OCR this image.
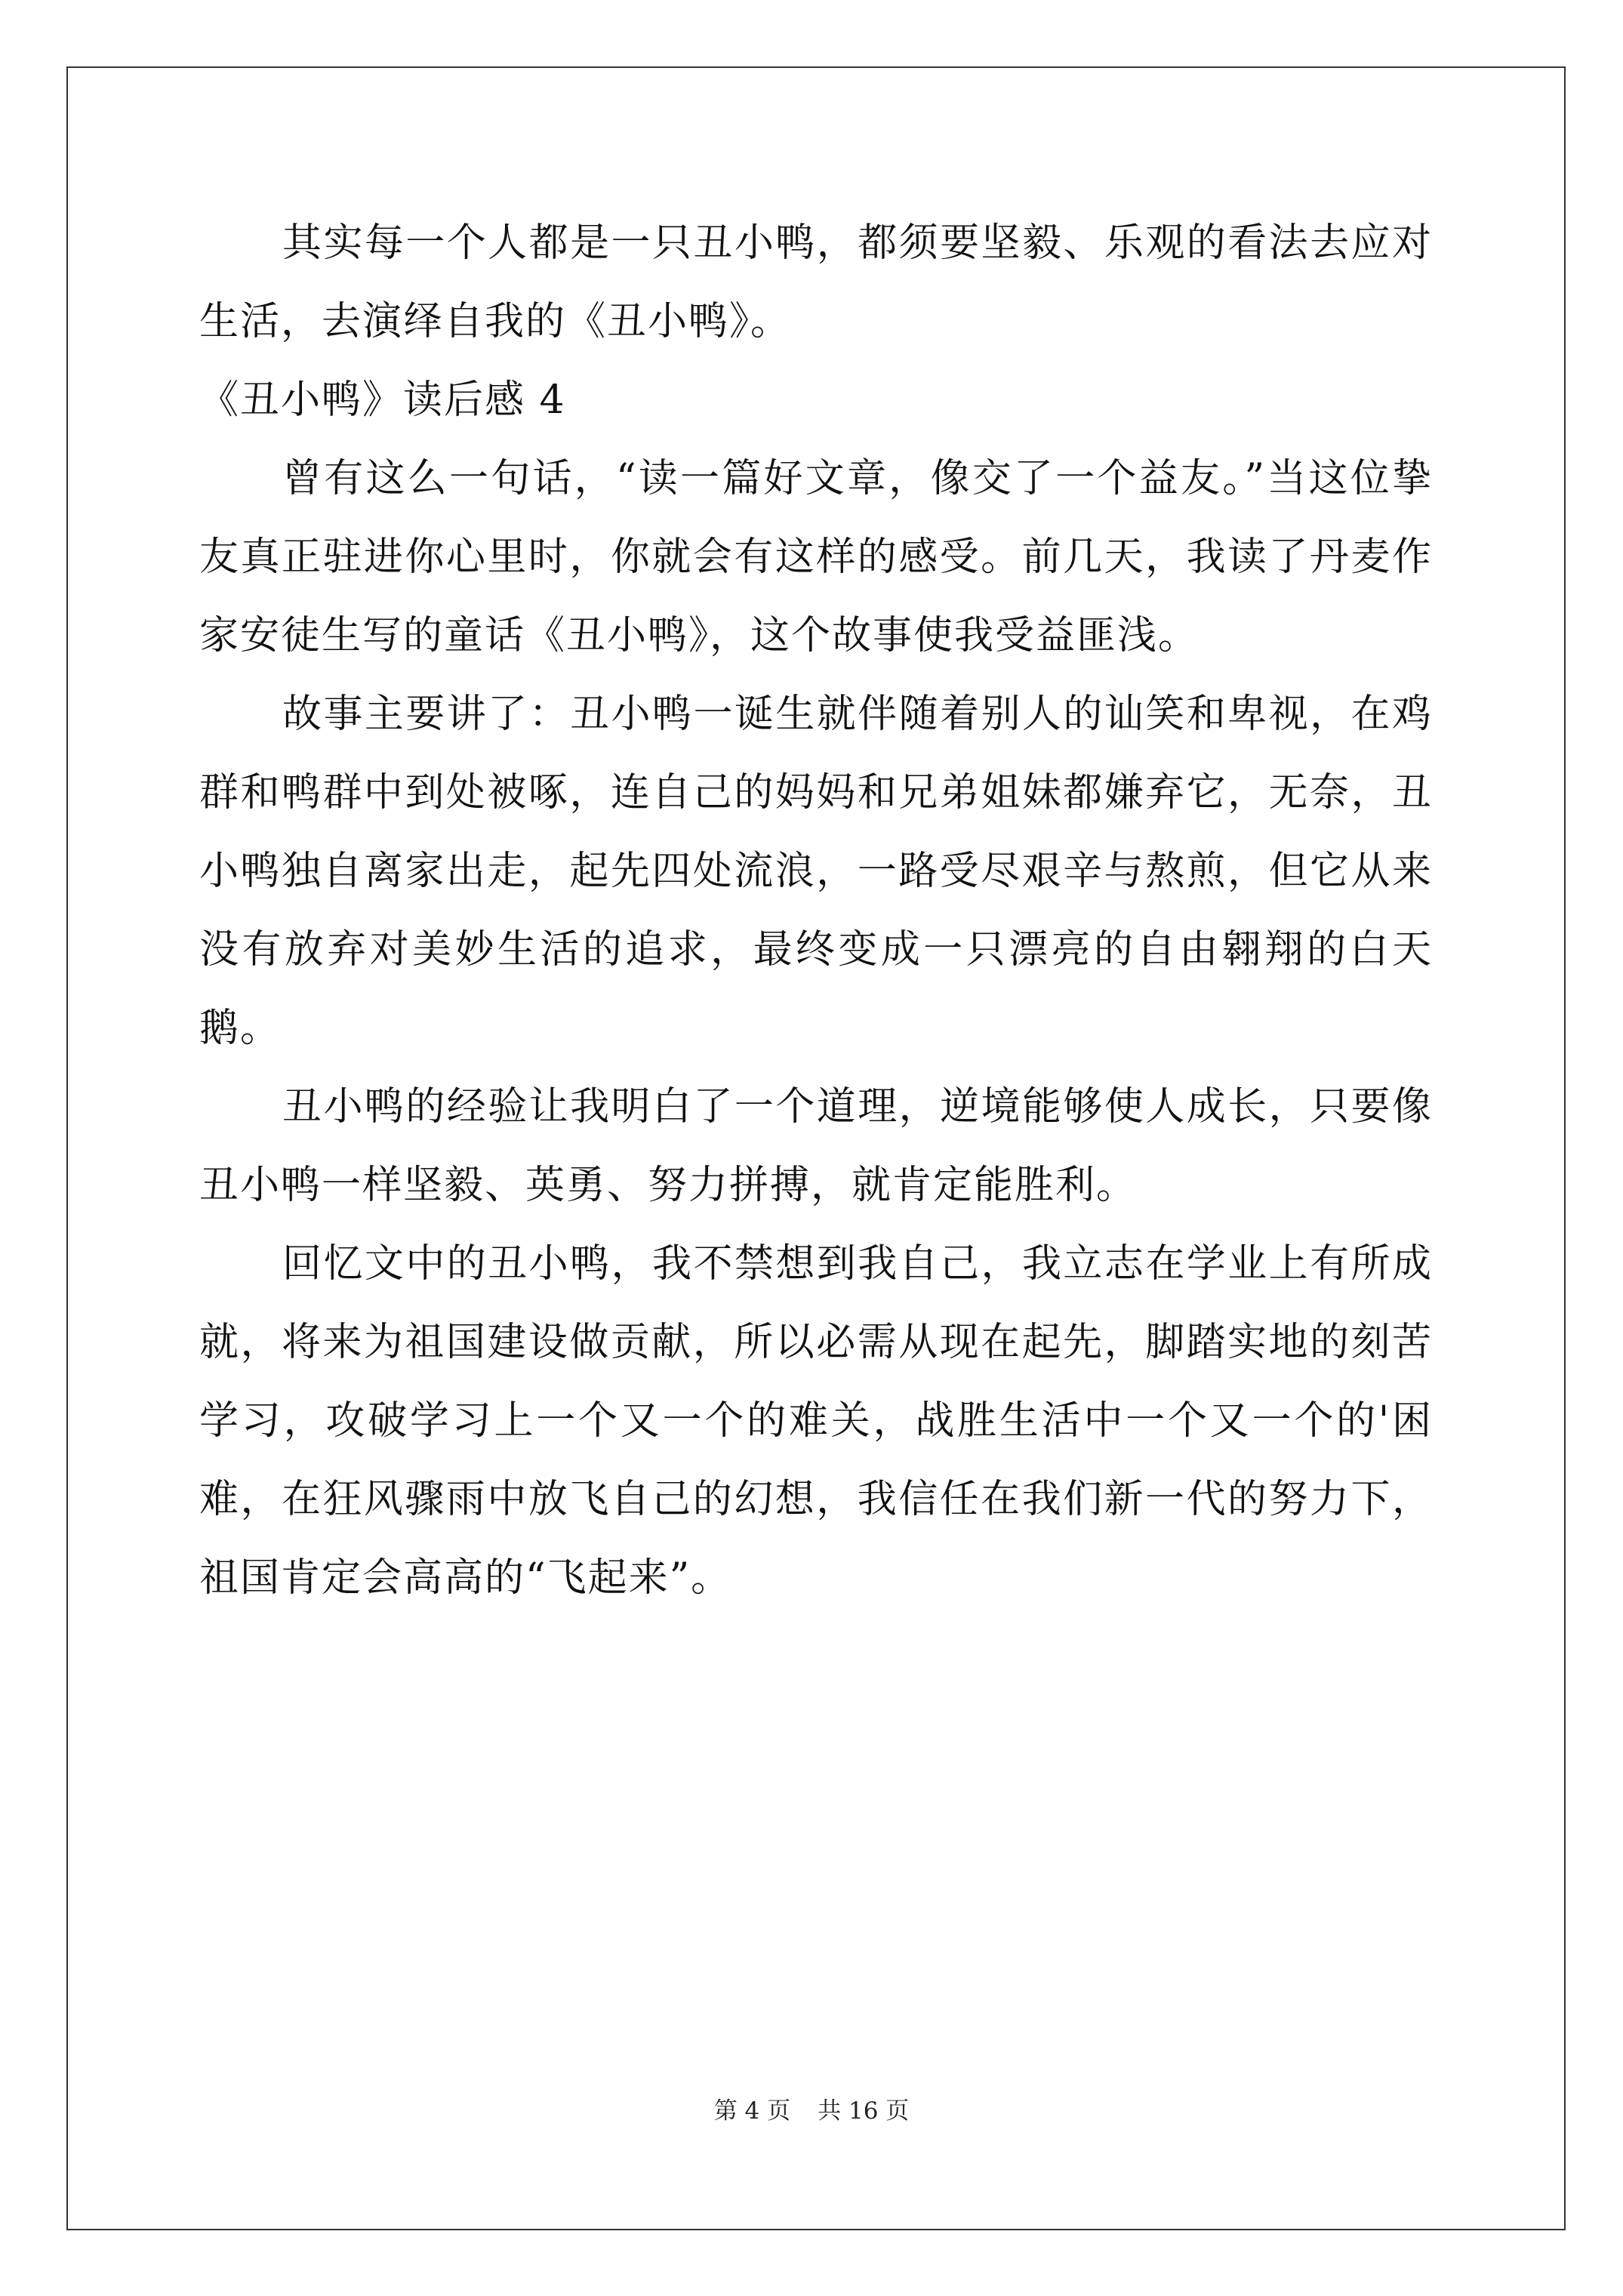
其实每一个人都是一只丑小鸭，都须要坚毅、乐观的看法去应对生活，去演绎自我的《丑小鸭》。

《丑小鸭》读后感 4

曾有这么一句话，“读一篇好文章，像交了一个益友。”当这位挚友真正驻进你心里时，你就会有这样的感受。前几天，我读了丹麦作家安徒生写的童话《丑小鸭》，这个故事使我受益匪浅。

故事主要讲了：丑小鸭一诞生就伴随着别人的讪笑和卑视，在鸡群和鸭群中到处被啄，连自己的妈妈和兄弟姐妹都嫌弃它，无奈，丑小鸭独自离家出走，起先四处流浪，一路受尽艰辛与熬煎，但它从来没有放弃对美妙生活的追求，最终变成一只漂亮的自由翱翔的白天鹅。

丑小鸭的经验让我明白了一个道理，逆境能够使人成长，只要像丑小鸭一样坚毅、英勇、努力拼搏，就肯定能胜利。

回忆文中的丑小鸭，我不禁想到我自己，我立志在学业上有所成就，将来为祖国建设做贡献，所以必需从现在起先，脚踏实地的刻苦学习，攻破学习上一个又一个的难关，战胜生活中一个又一个的'困难，在狂风骤雨中放飞自己的幻想，我信任在我们新一代的努力下，祖国肯定会高高的“飞起来”。

第 4 页 共 16 页
